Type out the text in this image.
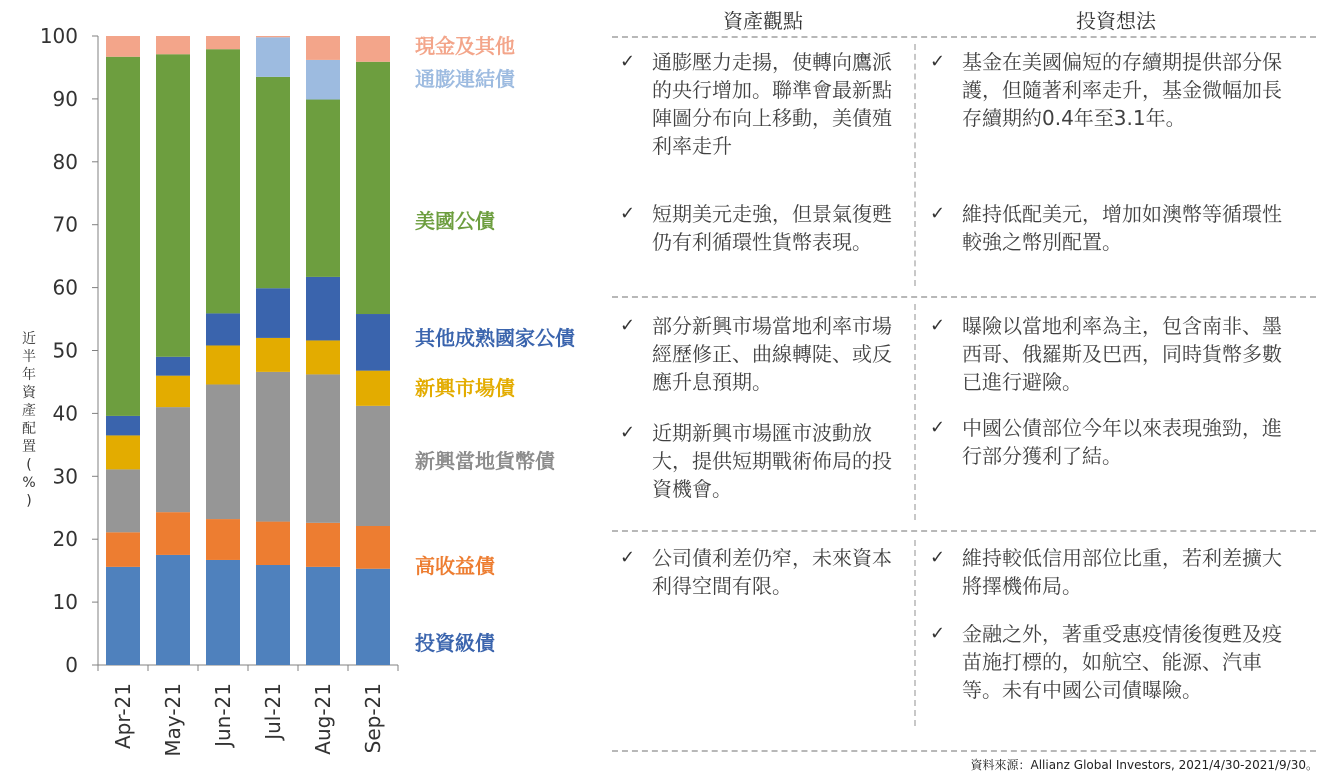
0
10
20
30
40
50
60
70
80
90
100
Apr-21 May-21 Jun-21 Jul-21 Aug-21 Sep-21
近半年資產配置(%)
現金及其他
通膨連結債
美國公債
其他成熟國家公債
新興市場債
新興當地貨幣債
高收益債
投資級債
資產觀點	投資想法
✓ 通膨壓力走揚，使轉向鷹派的央行增加。聯準會最新點陣圖分布向上移動，美債殖利率走升
✓ 短期美元走強，但景氣復甦仍有利循環性貨幣表現。
✓ 基金在美國偏短的存續期提供部分保護，但隨著利率走升，基金微幅加長存續期約0.4年至3.1年。
✓ 維持低配美元，增加如澳幣等循環性較強之幣別配置。
✓ 部分新興市場當地利率市場經歷修正、曲線轉陡、或反應升息預期。
✓ 近期新興市場匯市波動放大，提供短期戰術佈局的投資機會。
✓ 曝險以當地利率為主，包含南非、墨西哥、俄羅斯及巴西，同時貨幣多數已進行避險。
✓ 中國公債部位今年以來表現強勁，進行部分獲利了結。
✓ 公司債利差仍窄，未來資本利得空間有限。
✓ 維持較低信用部位比重，若利差擴大將擇機佈局。
✓ 金融之外，著重受惠疫情後復甦及疫苗施打標的，如航空、能源、汽車等。未有中國公司債曝險。
資料來源：Allianz Global Investors, 2021/4/30-2021/9/30。
